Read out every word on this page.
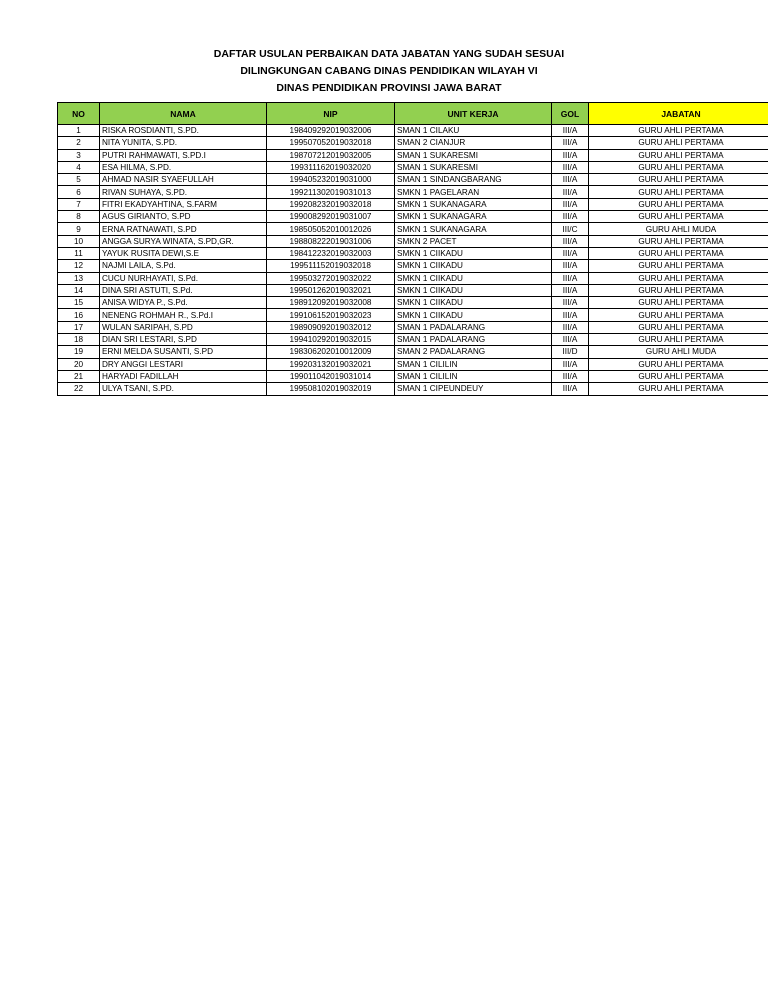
DAFTAR USULAN PERBAIKAN DATA JABATAN YANG SUDAH SESUAI
DILINGKUNGAN CABANG DINAS PENDIDIKAN WILAYAH VI
DINAS PENDIDIKAN PROVINSI JAWA BARAT
NO	NAMA	NIP	UNIT KERJA	GOL	JABATAN
1	RISKA ROSDIANTI, S.PD.	198409292019032006	SMAN 1 CILAKU	III/A	GURU AHLI PERTAMA
2	NITA YUNITA, S.PD.	199507052019032018	SMAN 2 CIANJUR	III/A	GURU AHLI PERTAMA
3	PUTRI RAHMAWATI, S.PD.I	198707212019032005	SMAN 1 SUKARESMI	III/A	GURU AHLI PERTAMA
4	ESA HILMA, S.PD.	199311162019032020	SMAN 1 SUKARESMI	III/A	GURU AHLI PERTAMA
5	AHMAD NASIR SYAEFULLAH	199405232019031000	SMAN 1 SINDANGBARANG	III/A	GURU AHLI PERTAMA
6	RIVAN SUHAYA, S.PD.	199211302019031013	SMKN 1 PAGELARAN	III/A	GURU AHLI PERTAMA
7	FITRI EKADYAHTINA, S.FARM	199208232019032018	SMKN 1 SUKANAGARA	III/A	GURU AHLI PERTAMA
8	AGUS GIRIANTO, S.PD	199008292019031007	SMKN 1 SUKANAGARA	III/A	GURU AHLI PERTAMA
9	ERNA RATNAWATI, S.PD	198505052010012026	SMKN 1 SUKANAGARA	III/C	GURU AHLI MUDA
10	ANGGA SURYA WINATA, S.PD,GR.	198808222019031006	SMKN 2 PACET	III/A	GURU AHLI PERTAMA
11	YAYUK RUSITA DEWI,S.E	198412232019032003	SMKN 1 CIIKADU	III/A	GURU AHLI PERTAMA
12	NAJMI LAILA, S.Pd.	199511152019032018	SMKN 1 CIIKADU	III/A	GURU AHLI PERTAMA
13	CUCU NURHAYATI, S.Pd.	199503272019032022	SMKN 1 CIIKADU	III/A	GURU AHLI PERTAMA
14	DINA SRI ASTUTI, S.Pd.	199501262019032021	SMKN 1 CIIKADU	III/A	GURU AHLI PERTAMA
15	ANISA WIDYA P., S.Pd.	198912092019032008	SMKN 1 CIIKADU	III/A	GURU AHLI PERTAMA
16	NENENG ROHMAH R., S.Pd.I	199106152019032023	SMKN 1 CIIKADU	III/A	GURU AHLI PERTAMA
17	WULAN SARIPAH, S.PD	198909092019032012	SMAN 1 PADALARANG	III/A	GURU AHLI PERTAMA
18	DIAN SRI LESTARI, S.PD	199410292019032015	SMAN 1 PADALARANG	III/A	GURU AHLI PERTAMA
19	ERNI MELDA SUSANTI, S.PD	198306202010012009	SMAN 2 PADALARANG	III/D	GURU AHLI MUDA
20	DRY ANGGI LESTARI	199203132019032021	SMAN 1 CILILIN	III/A	GURU AHLI PERTAMA
21	HARYADI FADILLAH	199011042019031014	SMAN 1 CILILIN	III/A	GURU AHLI PERTAMA
22	ULYA TSANI, S.PD.	199508102019032019	SMAN 1 CIPEUNDEUY	III/A	GURU AHLI PERTAMA
